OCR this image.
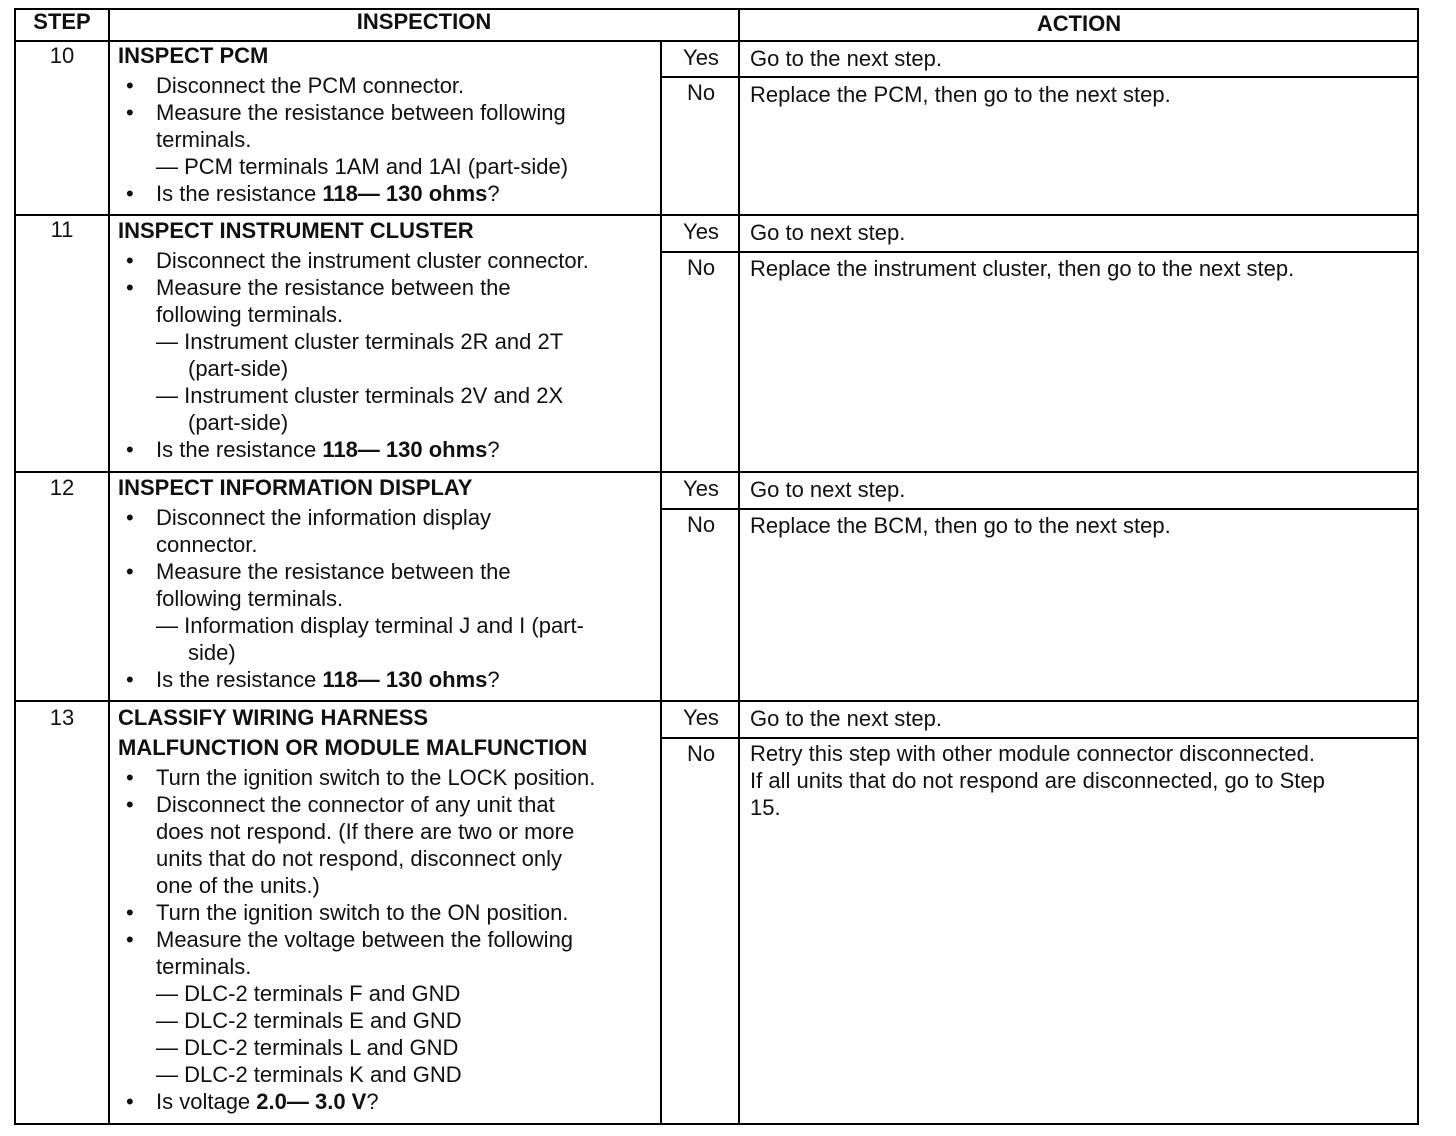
STEP	INSPECTION	ACTION
10	INSPECT PCM
• Disconnect the PCM connector.
• Measure the resistance between following
terminals.
— PCM terminals 1AM and 1AI (part-side)
• Is the resistance 118— 130 ohms?
Yes	Go to the next step.
No	Replace the PCM, then go to the next step.
11	INSPECT INSTRUMENT CLUSTER
• Disconnect the instrument cluster connector.
• Measure the resistance between the
following terminals.
— Instrument cluster terminals 2R and 2T
(part-side)
— Instrument cluster terminals 2V and 2X
(part-side)
• Is the resistance 118— 130 ohms?
Yes	Go to next step.
No	Replace the instrument cluster, then go to the next step.
12	INSPECT INFORMATION DISPLAY
• Disconnect the information display
connector.
• Measure the resistance between the
following terminals.
— Information display terminal J and I (part-
side)
• Is the resistance 118— 130 ohms?
Yes	Go to next step.
No	Replace the BCM, then go to the next step.
13	CLASSIFY WIRING HARNESS
MALFUNCTION OR MODULE MALFUNCTION
• Turn the ignition switch to the LOCK position.
• Disconnect the connector of any unit that
does not respond. (If there are two or more
units that do not respond, disconnect only
one of the units.)
• Turn the ignition switch to the ON position.
• Measure the voltage between the following
terminals.
— DLC-2 terminals F and GND
— DLC-2 terminals E and GND
— DLC-2 terminals L and GND
— DLC-2 terminals K and GND
• Is voltage 2.0— 3.0 V?
Yes	Go to the next step.
No	Retry this step with other module connector disconnected.
If all units that do not respond are disconnected, go to Step
15.
